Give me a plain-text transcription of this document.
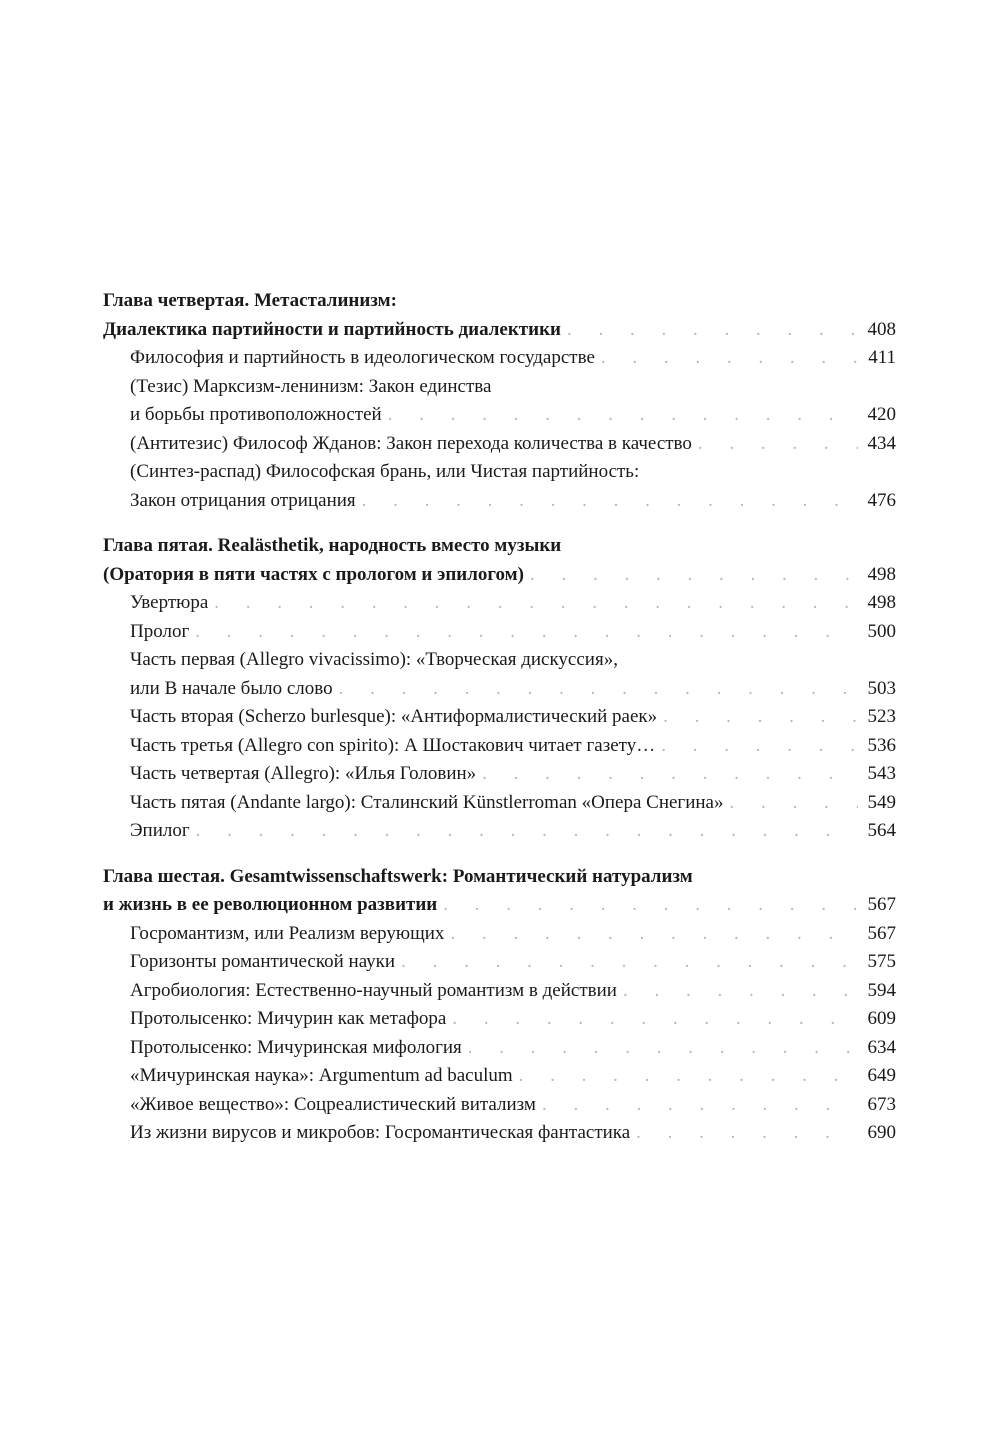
Глава четвертая. Метасталинизм:
Диалектика партийности и партийность диалектики . . .	408
Философия и партийность в идеологическом государстве . . .	411
(Тезис) Марксизм-ленинизм: Закон единства
и борьбы противоположностей . . .	420
(Антитезис) Философ Жданов: Закон перехода количества в качество . . .	434
(Синтез-распад) Философская брань, или Чистая партийность:
Закон отрицания отрицания . . .	476
Глава пятая. Realästhetik, народность вместо музыки
(Оратория в пяти частях с прологом и эпилогом) . . .	498
Увертюра . . .	498
Пролог . . .	500
Часть первая (Allegro vivacissimo): «Творческая дискуссия»,
или В начале было слово . . .	503
Часть вторая (Scherzo burlesque): «Антиформалистический раек» . . .	523
Часть третья (Allegro con spirito): А Шостакович читает газету… . . .	536
Часть четвертая (Allegro): «Илья Головин» . . .	543
Часть пятая (Andante largo): Сталинский Künstlerroman «Опера Снегина» . . .	549
Эпилог . . .	564
Глава шестая. Gesamtwissenschaftswerk: Романтический натурализм
и жизнь в ее революционном развитии . . .	567
Госромантизм, или Реализм верующих . . .	567
Горизонты романтической науки . . .	575
Агробиология: Естественно-научный романтизм в действии . . .	594
Протолысенко: Мичурин как метафора . . .	609
Протолысенко: Мичуринская мифология . . .	634
«Мичуринская наука»: Argumentum ad baculum . . .	649
«Живое вещество»: Соцреалистический витализм . . .	673
Из жизни вирусов и микробов: Госромантическая фантастика . . .	690
